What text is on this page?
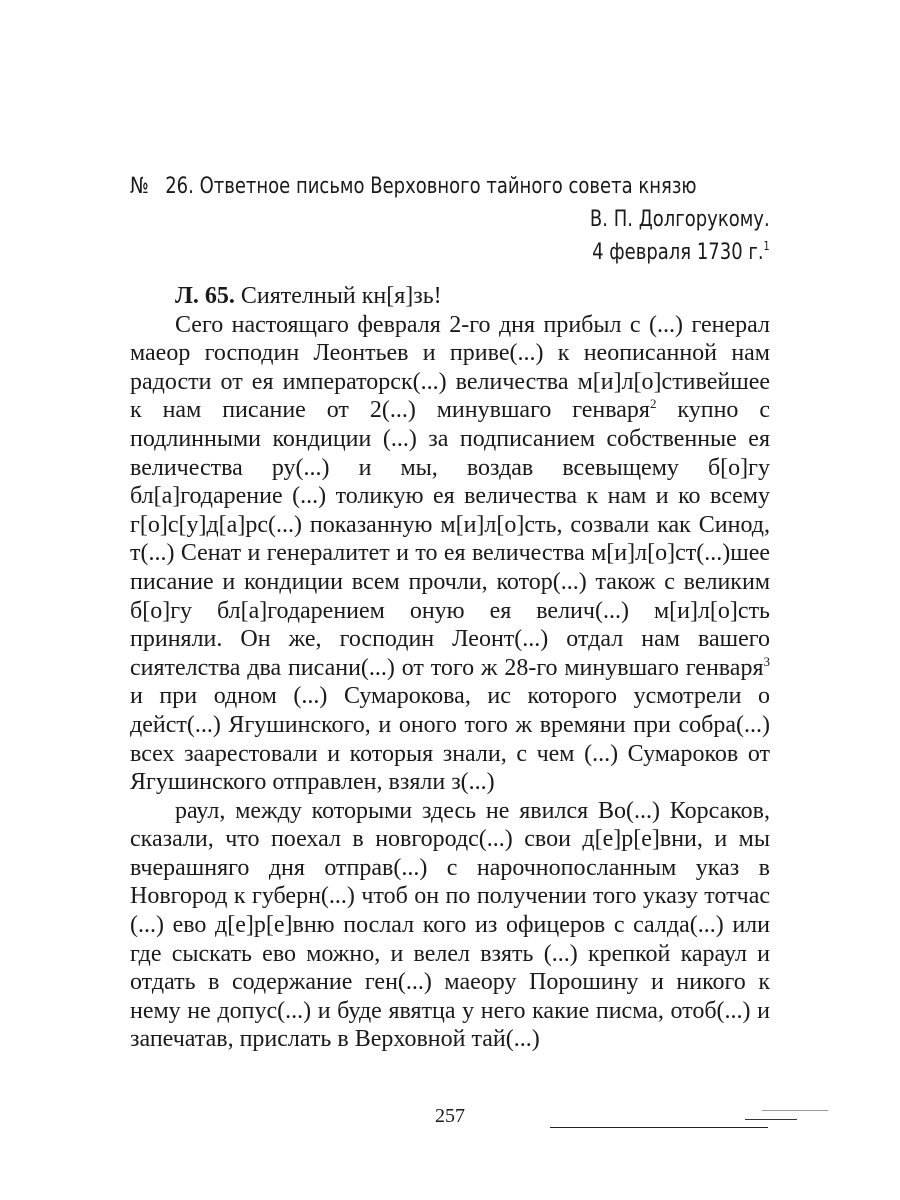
№ 26. Ответное письмо Верховного тайного совета князю
В. П. Долгорукому.
4 февраля 1730 г.$^1$

Л. 65. Сиятелный кн[я]зь!

Сего настоящаго февраля 2-го дня прибыл с (...) генерал маеор господин Леонтьев и приве(...) к неописанной нам радости от ея императорск(...) величества м[и]л[о]стивейшее к нам писание от 2(...) минувшаго генваря$^2$ купно с подлинными кондиции (...) за подписанием собственные ея величества ру(...) и мы, воздав всевыщему б[о]гу бл[а]годарение (...) толикую ея величества к нам и ко всему г[о]с[у]д[а]рс(...) показанную м[и]л[о]сть, созвали как Синод, т(...) Сенат и генералитет и то ея величества м[и]л[о]ст(...)шее писание и кондиции всем прочли, котор(...) також с великим б[о]гу бл[а]годарением оную ея велич(...) м[и]л[о]сть приняли. Он же, господин Леонт(...) отдал нам вашего сиятелства два писани(...) от того ж 28-го минувшаго генваря$^3$ и при одном (...) Сумарокова, ис которого усмотрели о дейст(...) Ягушинского, и оного того ж времяни при собра(...) всех заарестовали и которыя знали, с чем (...) Сумароков от Ягушинского отправлен, взяли з(...)

раул, между которыми здесь не явился Во(...) Корсаков, сказали, что поехал в новгородс(...) свои д[е]р[е]вни, и мы вчерашняго дня отправ(...) с нарочнопосланным указ в Новгород к губерн(...) чтоб он по получении того указу тотчас (...) ево д[е]р[е]вню послал кого из офицеров с салда(...) или где сыскать ево можно, и велел взять (...) крепкой караул и отдать в содержание ген(...) маеору Порошину и никого к нему не допус(...) и буде явятца у него какие писма, отоб(...) и запечатав, прислать в Верховной тай(...)

257
